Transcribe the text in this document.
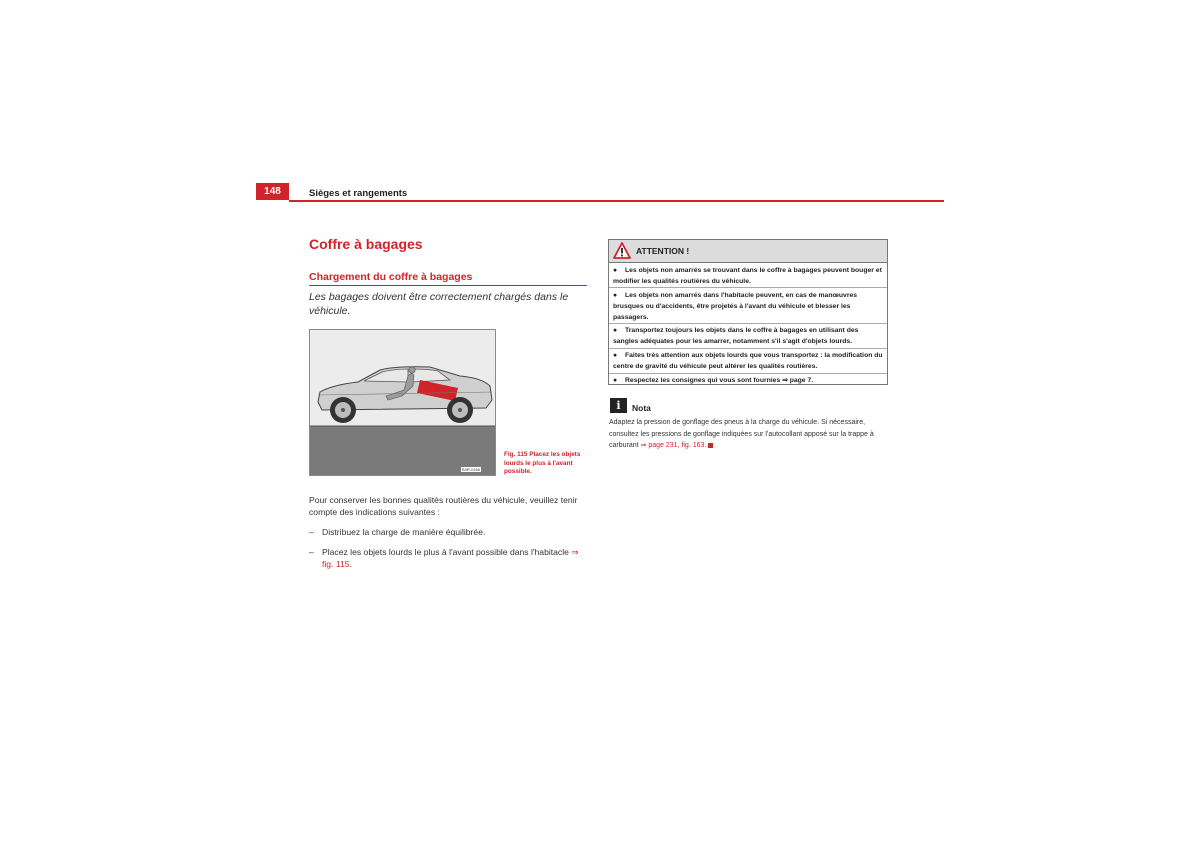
148	Sièges et rangements
Coffre à bagages
Chargement du coffre à bagages
Les bagages doivent être correctement chargés dans le véhicule.
B3R-0156
Fig. 115 Placez les objets lourds le plus à l'avant possible.
Pour conserver les bonnes qualités routières du véhicule, veuillez tenir compte des indications suivantes :
– Distribuez la charge de manière équilibrée.
– Placez les objets lourds le plus à l'avant possible dans l'habitacle ⇒ fig. 115.
ATTENTION !
●	Les objets non amarrés se trouvant dans le coffre à bagages peuvent bouger et modifier les qualités routières du véhicule.
●	Les objets non amarrés dans l'habitacle peuvent, en cas de manœuvres brusques ou d'accidents, être projetés à l'avant du véhicule et blesser les passagers.
●	Transportez toujours les objets dans le coffre à bagages en utilisant des sangles adéquates pour les amarrer, notamment s'il s'agit d'objets lourds.
●	Faites très attention aux objets lourds que vous transportez : la modification du centre de gravité du véhicule peut altérer les qualités routières.
●	Respectez les consignes qui vous sont fournies ⇒ page 7.
i	Nota
Adaptez la pression de gonflage des pneus à la charge du véhicule. Si nécessaire, consultez les pressions de gonflage indiquées sur l'autocollant apposé sur la trappe à carburant ⇒ page 231, fig. 163.
